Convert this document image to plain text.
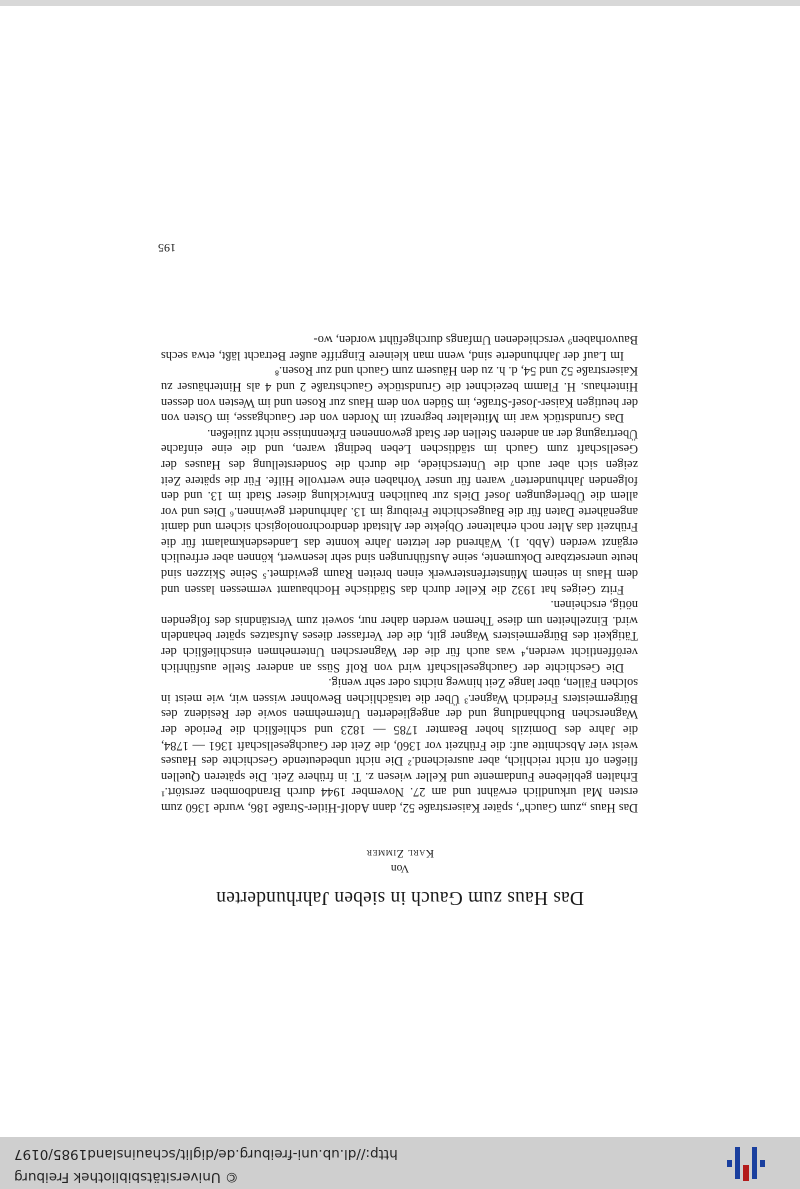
© Universitätsbibliothek Freiburg
http://dl.ub.uni-freiburg.de/diglit/schauinsland1985/0197
Das Haus zum Gauch in sieben Jahrhunderten
Von
Karl Zimmer

Das Haus „zum Gauch“, später Kaiserstraße 52, dann Adolf-Hitler-Straße 186, wurde 1360 zum ersten Mal urkundlich erwähnt und am 27. November 1944 durch Brandbomben zerstört.¹ Erhalten gebliebene Fundamente und Keller wiesen z. T. in frühere Zeit. Die späteren Quellen fließen oft nicht reichlich, aber ausreichend.² Die nicht unbedeutende Geschichte des Hauses weist vier Abschnitte auf: die Frühzeit vor 1360, die Zeit der Gauchgesellschaft 1361 — 1784, die Jahre des Domizils hoher Beamter 1785 — 1823 und schließlich die Periode der Wagnerschen Buchhandlung und der angegliederten Unternehmen sowie der Residenz des Bürgermeisters Friedrich Wagner.³ Über die tatsächlichen Bewohner wissen wir, wie meist in solchen Fällen, über lange Zeit hinweg nichts oder sehr wenig.

Die Geschichte der Gauchgesellschaft wird von Rolf Süss an anderer Stelle ausführlich veröffentlicht werden,⁴ was auch für die der Wagnerschen Unternehmen einschließlich der Tätigkeit des Bürgermeisters Wagner gilt, die der Verfasser dieses Aufsatzes später behandeln wird. Einzelheiten um diese Themen werden daher nur, soweit zum Verständnis des folgenden nötig, erscheinen.

Fritz Geiges hat 1932 die Keller durch das Städtische Hochbauamt vermessen lassen und dem Haus in seinem Münsterfensterwerk einen breiten Raum gewidmet.⁵ Seine Skizzen sind heute unersetzbare Dokumente, seine Ausführungen sind sehr lesenwert, können aber erfreulich ergänzt werden (Abb. 1). Während der letzten Jahre konnte das Landesdenkmalamt für die Frühzeit das Alter noch erhaltener Objekte der Altstadt dendrochronologisch sichern und damit angenäherte Daten für die Baugeschichte Freiburg im 13. Jahrhundert gewinnen.⁶ Dies und vor allem die Überlegungen Josef Diels zur baulichen Entwicklung dieser Stadt im 13. und den folgenden Jahrhunderten⁷ waren für unser Vorhaben eine wertvolle Hilfe. Für die spätere Zeit zeigen sich aber auch die Unterschiede, die durch die Sonderstellung des Hauses der Gesellschaft zum Gauch im städtischen Leben bedingt waren, und die eine einfache Übertragung der an anderen Stellen der Stadt gewonnenen Erkenntnisse nicht zuließen.

Das Grundstück war im Mittelalter begrenzt im Norden von der Gauchgasse, im Osten von der heutigen Kaiser-Josef-Straße, im Süden von dem Haus zur Rosen und im Westen von dessen Hinterhaus. H. Flamm bezeichnet die Grundstücke Gauchstraße 2 und 4 als Hinterhäuser zu Kaiserstraße 52 und 54, d. h. zu den Häusern zum Gauch und zur Rosen.⁸

Im Lauf der Jahrhunderte sind, wenn man kleinere Eingriffe außer Betracht läßt, etwa sechs Bauvorhaben⁹ verschiedenen Umfangs durchgeführt worden, wo-

195
